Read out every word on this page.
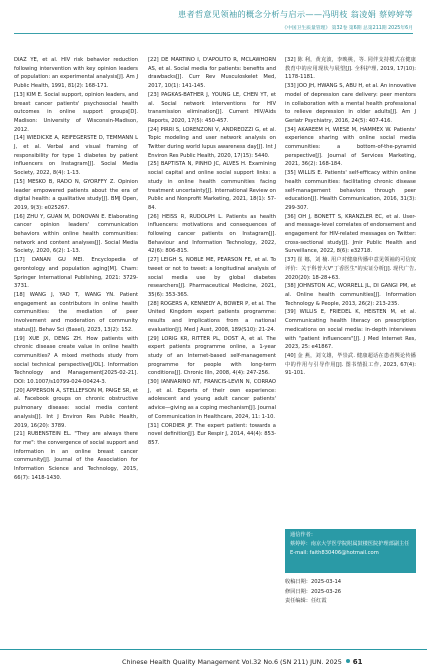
患者哲意见领袖的概念分析与启示——冯明枝 翁凌娟 蔡婷婷等
《中国卫生质量管理》 第32卷 第6期 总第211期 2025年6月
DIAZ YE, et al. HIV risk behavior reduction following intervention with key opinion leaders of population: an experimental analysis[J]. Am J Public Health, 1991, 81(2): 168-171.
[13] KIM E. Social support, opinion leaders, and breast cancer patients' psychosocial health outcomes in online support groups[D]. Madison: University of Wisconsin-Madison, 2012.
[14] WIEDICKE A, REIFEGERSTE D, TEMMANN L J, et al. Verbal and visual framing of responsibility for type 1 diabetes by patient influencers on Instagram[J]. Social Media Society, 2022, 8(4): 1-13.
[15] MESKO B, RADO N, GYORFFY Z. Opinion leader empowered patients about the era of digital health: a qualitative study[J]. BMJ Open, 2019, 9(3): e025267.
[16] ZHU Y, GUAN M, DONOVAN E. Elaborating cancer opinion leaders' communication behaviors within online health communities: network and content analyses[J]. Social Media Society, 2020, 6(2): 1-13.
[17] DANAN GU MEI. Encyclopedia of gerontology and population aging[M]. Cham: Springer International Publishing, 2021: 3729-3731.
[18] WANG J, YAO T, WANG YN. Patient engagement as contributors in online health communities: the mediation of peer involvement and moderation of community status[J]. Behav Sci (Basel), 2023, 13(2): 152.
[19] XUE JX, DENG ZH. How patients with chronic disease create value in online health communities? A mixed methods study from social technical perspective[J/OL]. Information Technology and Management[2025-02-21]. DOI: 10.1007/s10799-024-00424-3.
[20] APPERSON A, STELLEFSON M, PAIGE SR, et al. Facebook groups on chronic obstructive pulmonary disease: social media content analysis[J]. Int J Environ Res Public Health, 2019, 16(20): 3789.
[21] RUBENSTEIN EL. "They are always there for me": the convergence of social support and information in an online breast cancer community[J]. Journal of the Association for Information Science and Technology, 2015, 66(7): 1418-1430.
[22] DE MARTINO I, D'APOLITO R, MCLAWHORN AS, et al. Social media for patients: benefits and drawbacks[J]. Curr Rev Musculoskelet Med, 2017, 10(1): 141-145.
[23] PAGKAS-BATHER J, YOUNG LE, CHEN YT, et al. Social network interventions for HIV transmission elimination[J]. Current HIV/Aids Reports, 2020, 17(5): 450-457.
[24] PIRRI S, LORENZONI V, ANDREOZZI G, et al. Topic modeling and user network analysis on Twitter during world lupus awareness day[J]. Int J Environ Res Public Health, 2020, 17(15): 5440.
[25] BAPTISTA N, PINHO JC, ALVES H. Examining social capital and online social support links: a study in online health communities facing treatment uncertainty[J]. International Review on Public and Nonprofit Marketing, 2021, 18(1): 57-84.
[26] HEISS R, RUDOLPH L. Patients as health influencers: motivations and consequences of following cancer patients on Instagram[J]. Behaviour and Information Technology, 2022, 42(6): 806-815.
[27] LEIGH S, NOBLE ME, PEARSON FE, et al. To tweet or not to tweet: a longitudinal analysis of social media use by global diabetes researchers[J]. Pharmaceutical Medicine, 2021, 35(6): 353-365.
[28] ROGERS A, KENNEDY A, BOWER P, et al. The United Kingdom expert patients programme: results and implications from a national evaluation[J]. Med J Aust, 2008, 189(S10): 21-24.
[29] LORIG KR, RITTER PL, DOST A, et al. The expert patients programme online, a 1-year study of an Internet-based self-management programme for people with long-term conditions[J]. Chronic Illn, 2008, 4(4): 247-256.
[30] IANNARINO NT, FRANCIS-LEVIN N, CORRAO J, et al. Experts of their own experience: adolescent and young adult cancer patients' advice—giving as a coping mechanism[J]. Journal of Communication in Healthcare, 2024, 11: 1-10.
[31] CORDIER JF. The expert patient: towards a novel definition[J]. Eur Respir J, 2014, 44(4): 853-857.
[32] 陈 利，黄克波，李映桃，等. 同伴支持模式在健康教育中的应用现状与展望[J]. 全科护理, 2019, 17(10): 1178-1181.
[33] JOO JH, HWANG S, ABU H, et al. An innovative model of depression care delivery: peer mentors in collaboration with a mental health professional to relieve depression in older adults[J]. Am J Geriatr Psychiatry, 2016, 24(5): 407-416.
[34] AKAREEM H, WIESE M, HAMMEX W. Patients' experience sharing with online social media communities: a bottom-of-the-pyramid perspective[J]. Journal of Services Marketing, 2021, 36(2): 168-184.
[35] WILLIS E. Patients' self-efficacy within online health communities: facilitating chronic disease self-management behaviors through peer education[J]. Health Communication, 2016, 31(3): 299-307.
[36] OH J, BONETT S, KRANZLER EC, et al. User- and message-level correlates of endorsement and engagement for HIV-related messages on Twitter: cross-sectional study[J]. Jmir Public Health and Surveillance, 2022, 8(6): e32718.
[37] 崔 娜，刘 楠. 用户对健康传播中意见领袖的可信度评价：关于科普大V"丁香医生"的实证分析[J]. 现代广告, 2020(20): 18-28+63.
[38] JOHNSTON AC, WORRELL JL, DI GANGI PM, et al. Online health communities[J]. Information Technology & People, 2013, 26(2): 213-235.
[39] WILLIS E, FRIEDEL K, HEISTEN M, et al. Communicating health literacy on prescription medications on social media: in-depth interviews with "patient influencers"[J]. J Med Internet Res, 2023, 25: e41867.
[40] 金 燕，刘文雄，毕崇武. 健康超话在患者舆论传播中的作用与引导作用[J]. 图书情报工作, 2023, 67(4): 91-101.
通信作者：
蔡婷婷：南京大学医学院附属鼓楼医院护理部副主任
E-mail: faith830406@hotmail.com
收稿日期：2025-03-14
修回日期：2025-03-26
责任编辑：任红霞
Chinese Health Quality Management Vol.32 No.6 (SN 211) JUN. 2025 61
